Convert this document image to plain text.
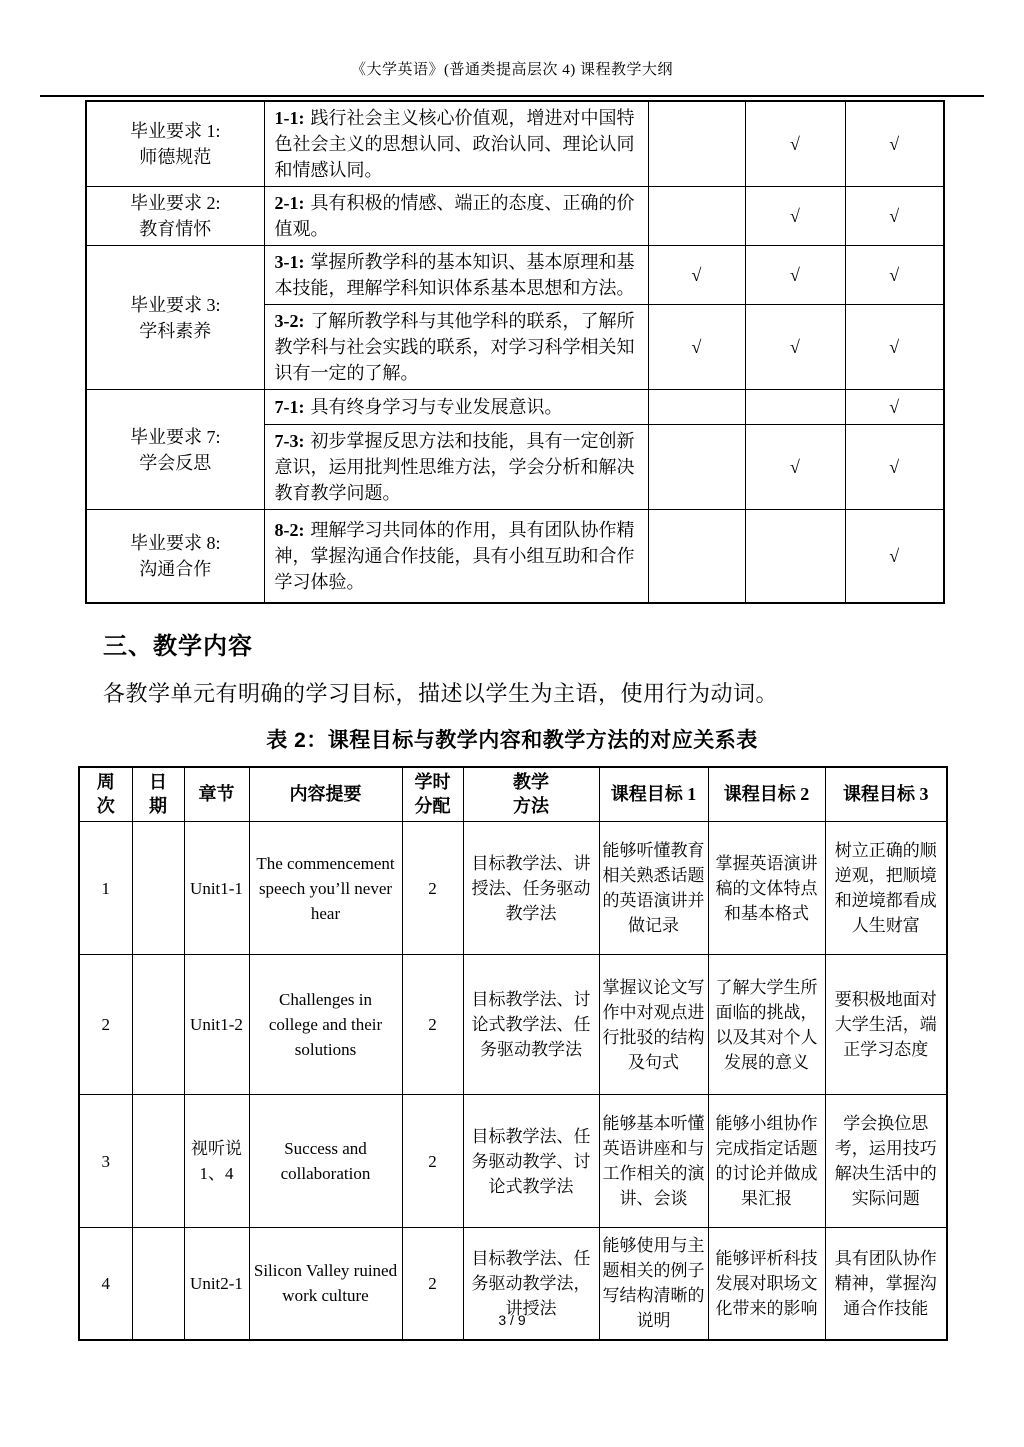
《大学英语》(普通类提高层次 4) 课程教学大纲
毕业要求 1:
师德规范	1-1: 践行社会主义核心价值观，增进对中国特色社会主义的思想认同、政治认同、理论认同和情感认同。		√	√

毕业要求 2:
教育情怀	2-1: 具有积极的情感、端正的态度、正确的价值观。		√	√

毕业要求 3:
学科素养	3-1: 掌握所教学科的基本知识、基本原理和基本技能，理解学科知识体系基本思想和方法。	√	√	√
	3-2: 了解所教学科与其他学科的联系，了解所教学科与社会实践的联系，对学习科学相关知识有一定的了解。	√	√	√

毕业要求 7:
学会反思	7-1: 具有终身学习与专业发展意识。			√
	7-3: 初步掌握反思方法和技能，具有一定创新意识，运用批判性思维方法，学会分析和解决教育教学问题。		√	√

毕业要求 8:
沟通合作	8-2: 理解学习共同体的作用，具有团队协作精神，掌握沟通合作技能，具有小组互助和合作学习体验。			√
三、教学内容
各教学单元有明确的学习目标，描述以学生为主语，使用行为动词。
表 2：课程目标与教学内容和教学方法的对应关系表
周次	日期	章节	内容提要	学时分配	教学方法	课程目标 1	课程目标 2	课程目标 3
1		Unit1-1	The commencement speech you’ll never hear	2	目标教学法、讲授法、任务驱动教学法	能够听懂教育相关熟悉话题的英语演讲并做记录	掌握英语演讲稿的文体特点和基本格式	树立正确的顺逆观，把顺境和逆境都看成人生财富
2		Unit1-2	Challenges in college and their solutions	2	目标教学法、讨论式教学法、任务驱动教学法	掌握议论文写作中对观点进行批驳的结构及句式	了解大学生所面临的挑战，以及其对个人发展的意义	要积极地面对大学生活，端正学习态度
3		视听说 1、4	Success and collaboration	2	目标教学法、任务驱动教学、讨论式教学法	能够基本听懂英语讲座和与工作相关的演讲、会谈	能够小组协作完成指定话题的讨论并做成果汇报	学会换位思考，运用技巧解决生活中的实际问题
4		Unit2-1	Silicon Valley ruined work culture	2	目标教学法、任务驱动教学法，讲授法	能够使用与主题相关的例子写结构清晰的说明	能够评析科技发展对职场文化带来的影响	具有团队协作精神，掌握沟通合作技能
3 / 9
